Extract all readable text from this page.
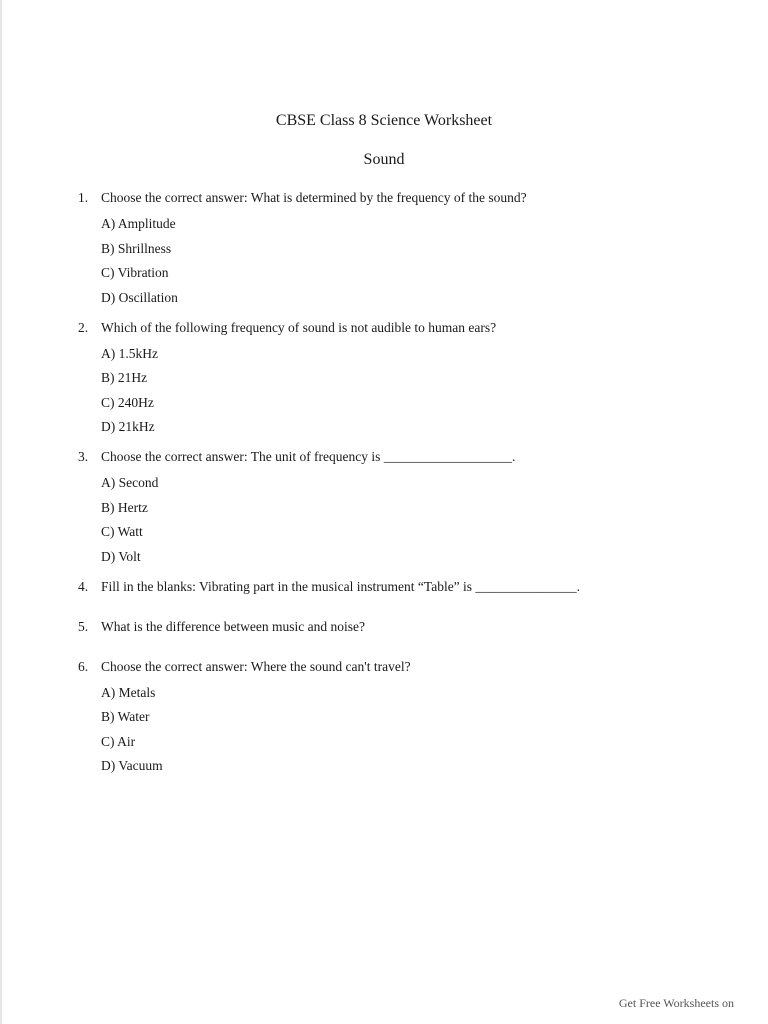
CBSE Class 8 Science Worksheet
Sound
1. Choose the correct answer: What is determined by the frequency of the sound?
A) Amplitude
B) Shrillness
C) Vibration
D) Oscillation
2. Which of the following frequency of sound is not audible to human ears?
A) 1.5kHz
B) 21Hz
C) 240Hz
D) 21kHz
3. Choose the correct answer: The unit of frequency is ___________________.
A) Second
B) Hertz
C) Watt
D) Volt
4. Fill in the blanks: Vibrating part in the musical instrument “Table” is _______________.
5. What is the difference between music and noise?
6. Choose the correct answer: Where the sound can't travel?
A) Metals
B) Water
C) Air
D) Vacuum
Get Free Worksheets on
